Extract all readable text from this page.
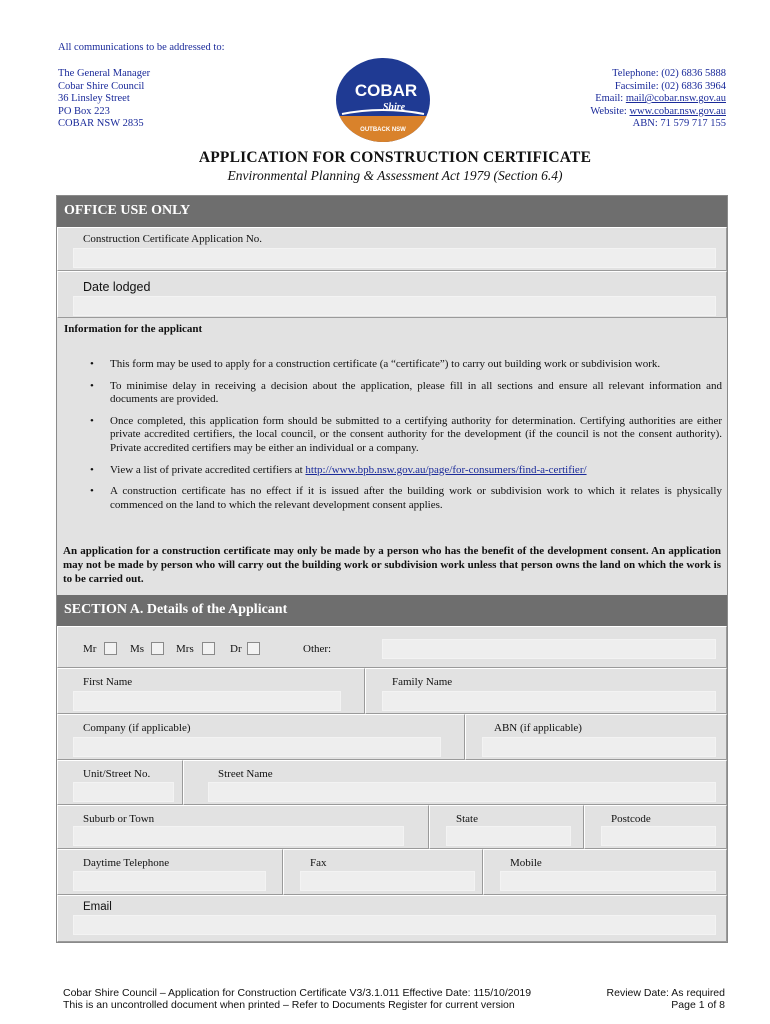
All communications to be addressed to:
The General Manager
Cobar Shire Council
36 Linsley Street
PO Box 223
COBAR NSW 2835
COBAR
Shire
OUTBACK NSW
Telephone: (02) 6836 5888
Facsimile: (02) 6836 3964
Email: mail@cobar.nsw.gov.au
Website: www.cobar.nsw.gov.au
ABN: 71 579 717 155
APPLICATION FOR CONSTRUCTION CERTIFICATE
Environmental Planning & Assessment Act 1979 (Section 6.4)
OFFICE USE ONLY
Construction Certificate Application No.
Date lodged
Information for the applicant
• This form may be used to apply for a construction certificate (a “certificate”) to carry out building work or subdivision work.
• To minimise delay in receiving a decision about the application, please fill in all sections and ensure all relevant information and documents are provided.
• Once completed, this application form should be submitted to a certifying authority for determination. Certifying authorities are either private accredited certifiers, the local council, or the consent authority for the development (if the council is not the consent authority). Private accredited certifiers may be either an individual or a company.
• View a list of private accredited certifiers at http://www.bpb.nsw.gov.au/page/for-consumers/find-a-certifier/
• A construction certificate has no effect if it is issued after the building work or subdivision work to which it relates is physically commenced on the land to which the relevant development consent applies.
An application for a construction certificate may only be made by a person who has the benefit of the development consent. An application may not be made by person who will carry out the building work or subdivision work unless that person owns the land on which the work is to be carried out.
SECTION A. Details of the Applicant
Mr	Ms	Mrs	Dr	Other:
First Name	Family Name
Company (if applicable)	ABN (if applicable)
Unit/Street No.	Street Name
Suburb or Town	State	Postcode
Daytime Telephone	Fax	Mobile
Email
Cobar Shire Council – Application for Construction Certificate V3/3.1.011 Effective Date: 115/10/2019
This is an uncontrolled document when printed – Refer to Documents Register for current version
Review Date: As required
Page 1 of 8
